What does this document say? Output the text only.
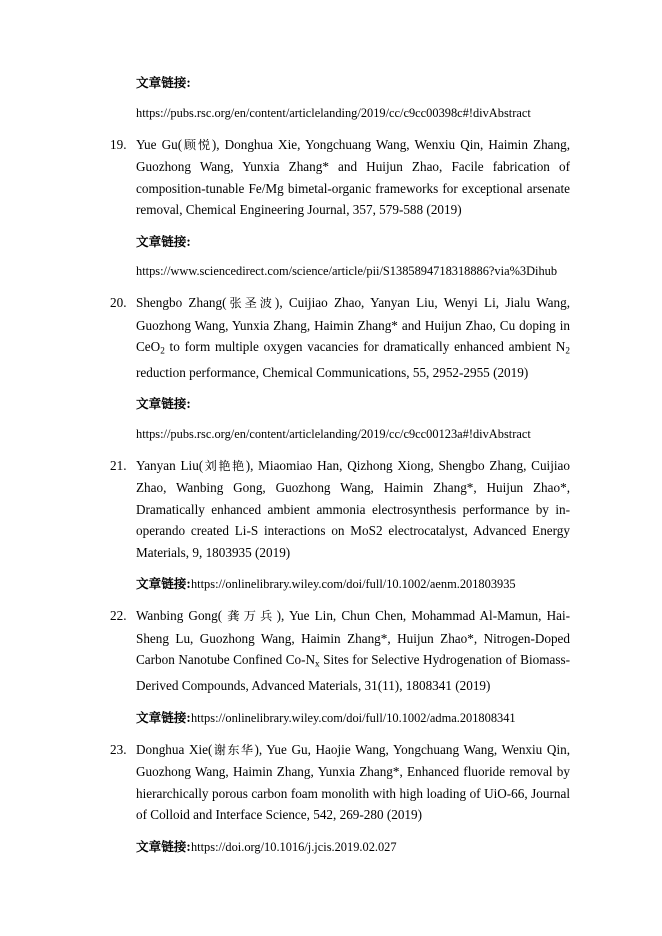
文章链接:
https://pubs.rsc.org/en/content/articlelanding/2019/cc/c9cc00398c#!divAbstract
19. Yue Gu(顾悦), Donghua Xie, Yongchuang Wang, Wenxiu Qin, Haimin Zhang, Guozhong Wang, Yunxia Zhang* and Huijun Zhao, Facile fabrication of composition-tunable Fe/Mg bimetal-organic frameworks for exceptional arsenate removal, Chemical Engineering Journal, 357, 579-588 (2019)
文章链接:
https://www.sciencedirect.com/science/article/pii/S1385894718318886?via%3Dihub
20. Shengbo Zhang(张圣波), Cuijiao Zhao, Yanyan Liu, Wenyi Li, Jialu Wang, Guozhong Wang, Yunxia Zhang, Haimin Zhang* and Huijun Zhao, Cu doping in CeO$_2$ to form multiple oxygen vacancies for dramatically enhanced ambient $N_2$ reduction performance, Chemical Communications, 55, 2952-2955 (2019)
文章链接:
https://pubs.rsc.org/en/content/articlelanding/2019/cc/c9cc00123a#!divAbstract
21. Yanyan Liu(刘艳艳), Miaomiao Han, Qizhong Xiong, Shengbo Zhang, Cuijiao Zhao, Wanbing Gong, Guozhong Wang, Haimin Zhang*, Huijun Zhao*, Dramatically enhanced ambient ammonia electrosynthesis performance by in-operando created Li-S interactions on MoS2 electrocatalyst, Advanced Energy Materials, 9, 1803935 (2019)
文章链接:https://onlinelibrary.wiley.com/doi/full/10.1002/aenm.201803935
22. Wanbing Gong( 龚万兵), Yue Lin, Chun Chen, Mohammad Al-Mamun, Hai-Sheng Lu, Guozhong Wang, Haimin Zhang*, Huijun Zhao*, Nitrogen-Doped Carbon Nanotube Confined $Co-N_x$ Sites for Selective Hydrogenation of Biomass-Derived Compounds, Advanced Materials, 31(11), 1808341 (2019)
文章链接:https://onlinelibrary.wiley.com/doi/full/10.1002/adma.201808341
23. Donghua Xie(谢东华), Yue Gu, Haojie Wang, Yongchuang Wang, Wenxiu Qin, Guozhong Wang, Haimin Zhang, Yunxia Zhang*, Enhanced fluoride removal by hierarchically porous carbon foam monolith with high loading of UiO-66, Journal of Colloid and Interface Science, 542, 269-280 (2019)
文章链接:https://doi.org/10.1016/j.jcis.2019.02.027
